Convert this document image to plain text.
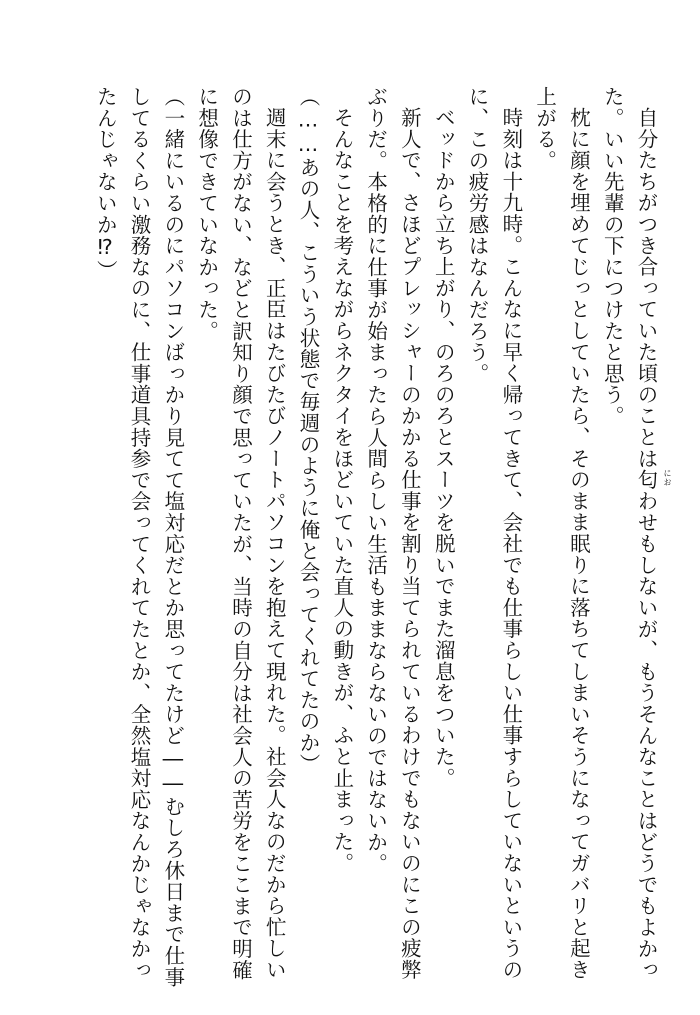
自分たちがつき合っていた頃のことは匂 にお
わせもしないが、もうそんなことはどうでもよかっ
た。いい先輩の下につけたと思う。
枕に顔を埋めてじっとしていたら、そのまま眠りに落ちてしまいそうになってガバリと起き
上がる。
時刻は十九時。こんなに早く帰ってきて、会社でも仕事らしい仕事すらしていないというの
に、この疲労感はなんだろう。
ベッドから立ち上がり、のろのろとスーツを脱いでまた溜息をついた。
新人で、さほどプレッシャーのかかる仕事を割り当てられているわけでもないのにこの疲弊
ぶりだ。本格的に仕事が始まったら人間らしい生活もままならないのではないか。
そんなことを考えながらネクタイをほどいていた直人の動きが、ふと止まった。
（……あの人、こういう状態で毎週のように俺と会ってくれてたのか）
週末に会うとき、正臣はたびたびノートパソコンを抱えて現れた。社会人なのだから忙しい
のは仕方がない、などと訳知り顔で思っていたが、当時の自分は社会人の苦労をここまで明確
に想像できていなかった。
（一緒にいるのにパソコンばっかり見てて塩対応だとか思ってたけど――むしろ休日まで仕事
してるくらい激務なのに、仕事道具持参で会ってくれてたとか、全然塩対応なんかじゃなかっ
たんじゃないか⁉）
